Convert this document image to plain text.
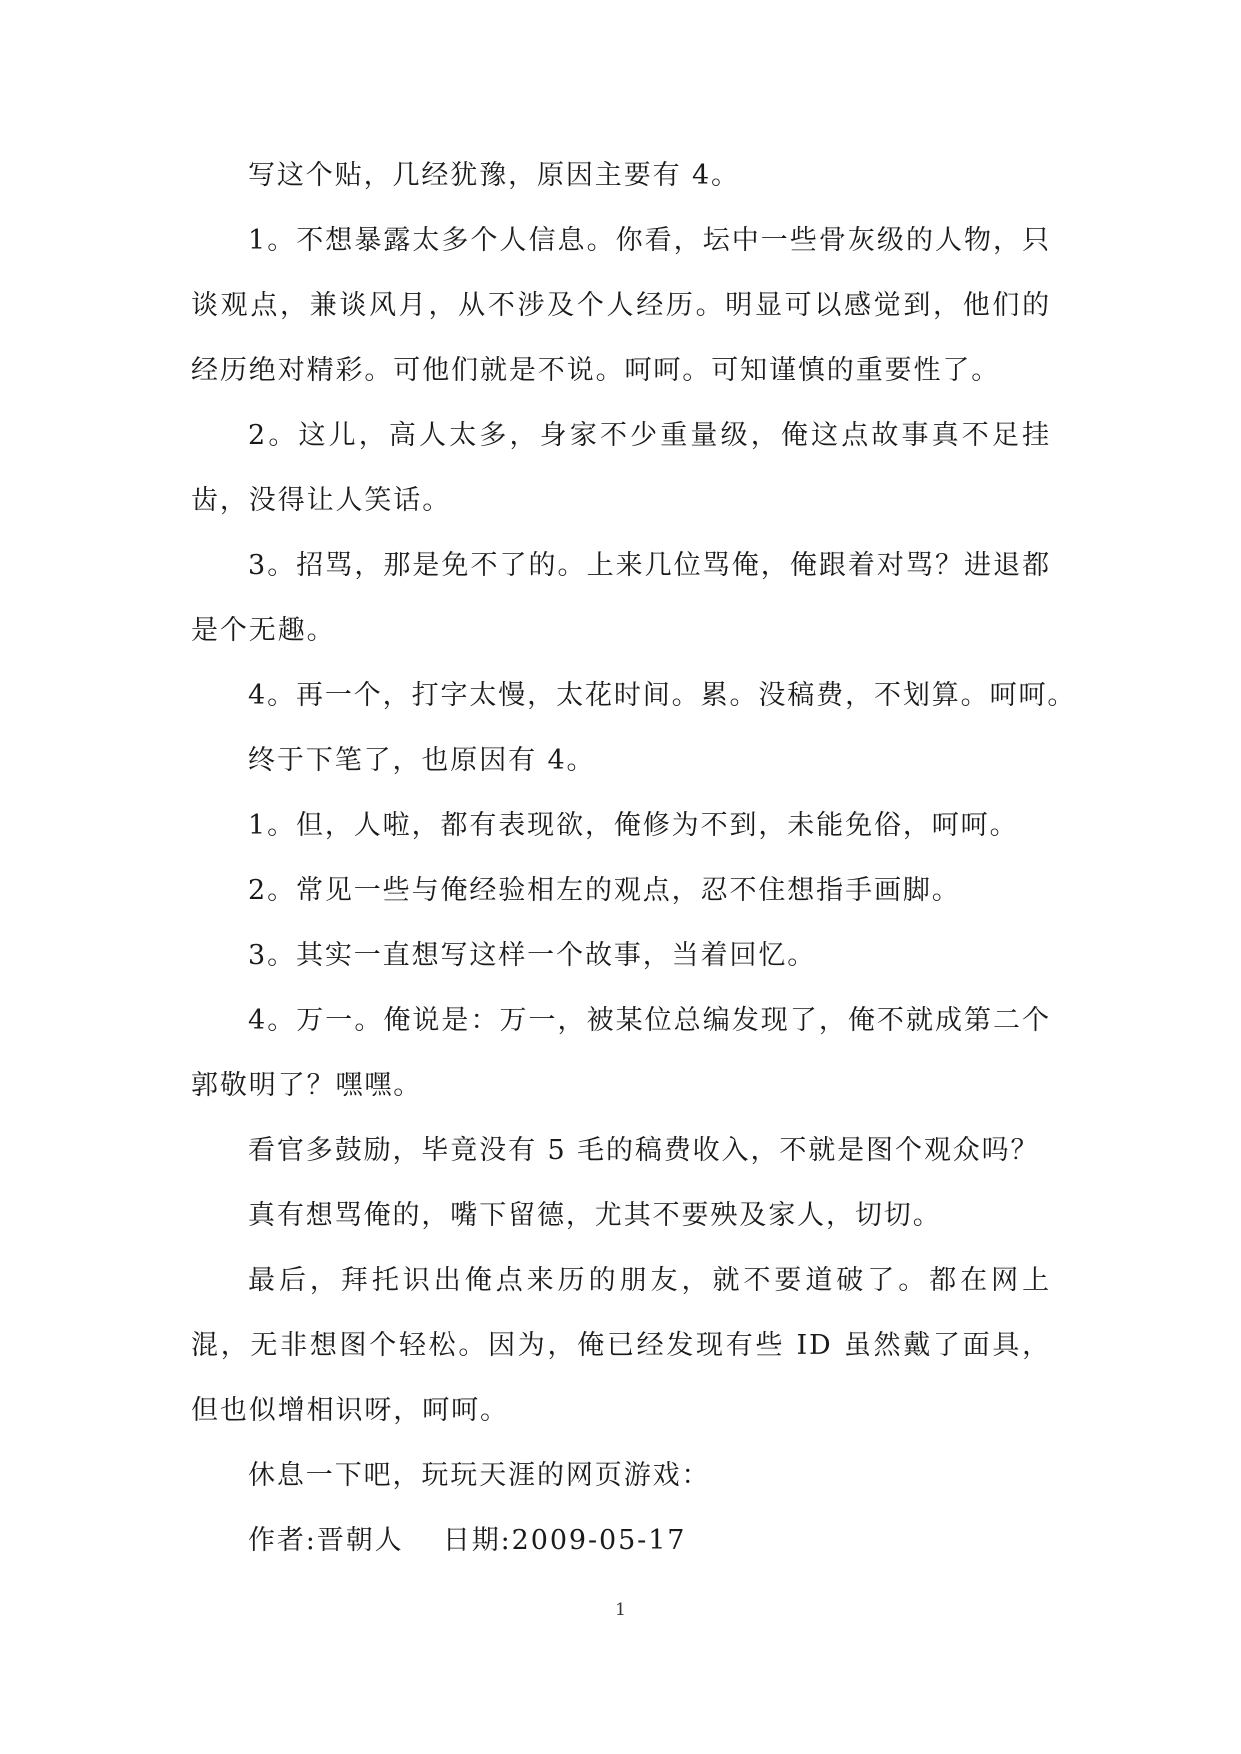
写这个贴，几经犹豫，原因主要有 4。

1。不想暴露太多个人信息。你看，坛中一些骨灰级的人物，只谈观点，兼谈风月，从不涉及个人经历。明显可以感觉到，他们的经历绝对精彩。可他们就是不说。呵呵。可知谨慎的重要性了。

2。这儿，高人太多，身家不少重量级，俺这点故事真不足挂齿，没得让人笑话。

3。招骂，那是免不了的。上来几位骂俺，俺跟着对骂？进退都是个无趣。

4。再一个，打字太慢，太花时间。累。没稿费，不划算。呵呵。

终于下笔了，也原因有 4。

1。但，人啦，都有表现欲，俺修为不到，未能免俗，呵呵。

2。常见一些与俺经验相左的观点，忍不住想指手画脚。

3。其实一直想写这样一个故事，当着回忆。

4。万一。俺说是：万一，被某位总编发现了，俺不就成第二个郭敬明了？嘿嘿。

看官多鼓励，毕竟没有 5 毛的稿费收入，不就是图个观众吗？

真有想骂俺的，嘴下留德，尤其不要殃及家人，切切。

最后，拜托识出俺点来历的朋友，就不要道破了。都在网上混，无非想图个轻松。因为，俺已经发现有些 ID 虽然戴了面具，但也似增相识呀，呵呵。

休息一下吧，玩玩天涯的网页游戏：

作者:晋朝人　 日期:2009-05-17

1
